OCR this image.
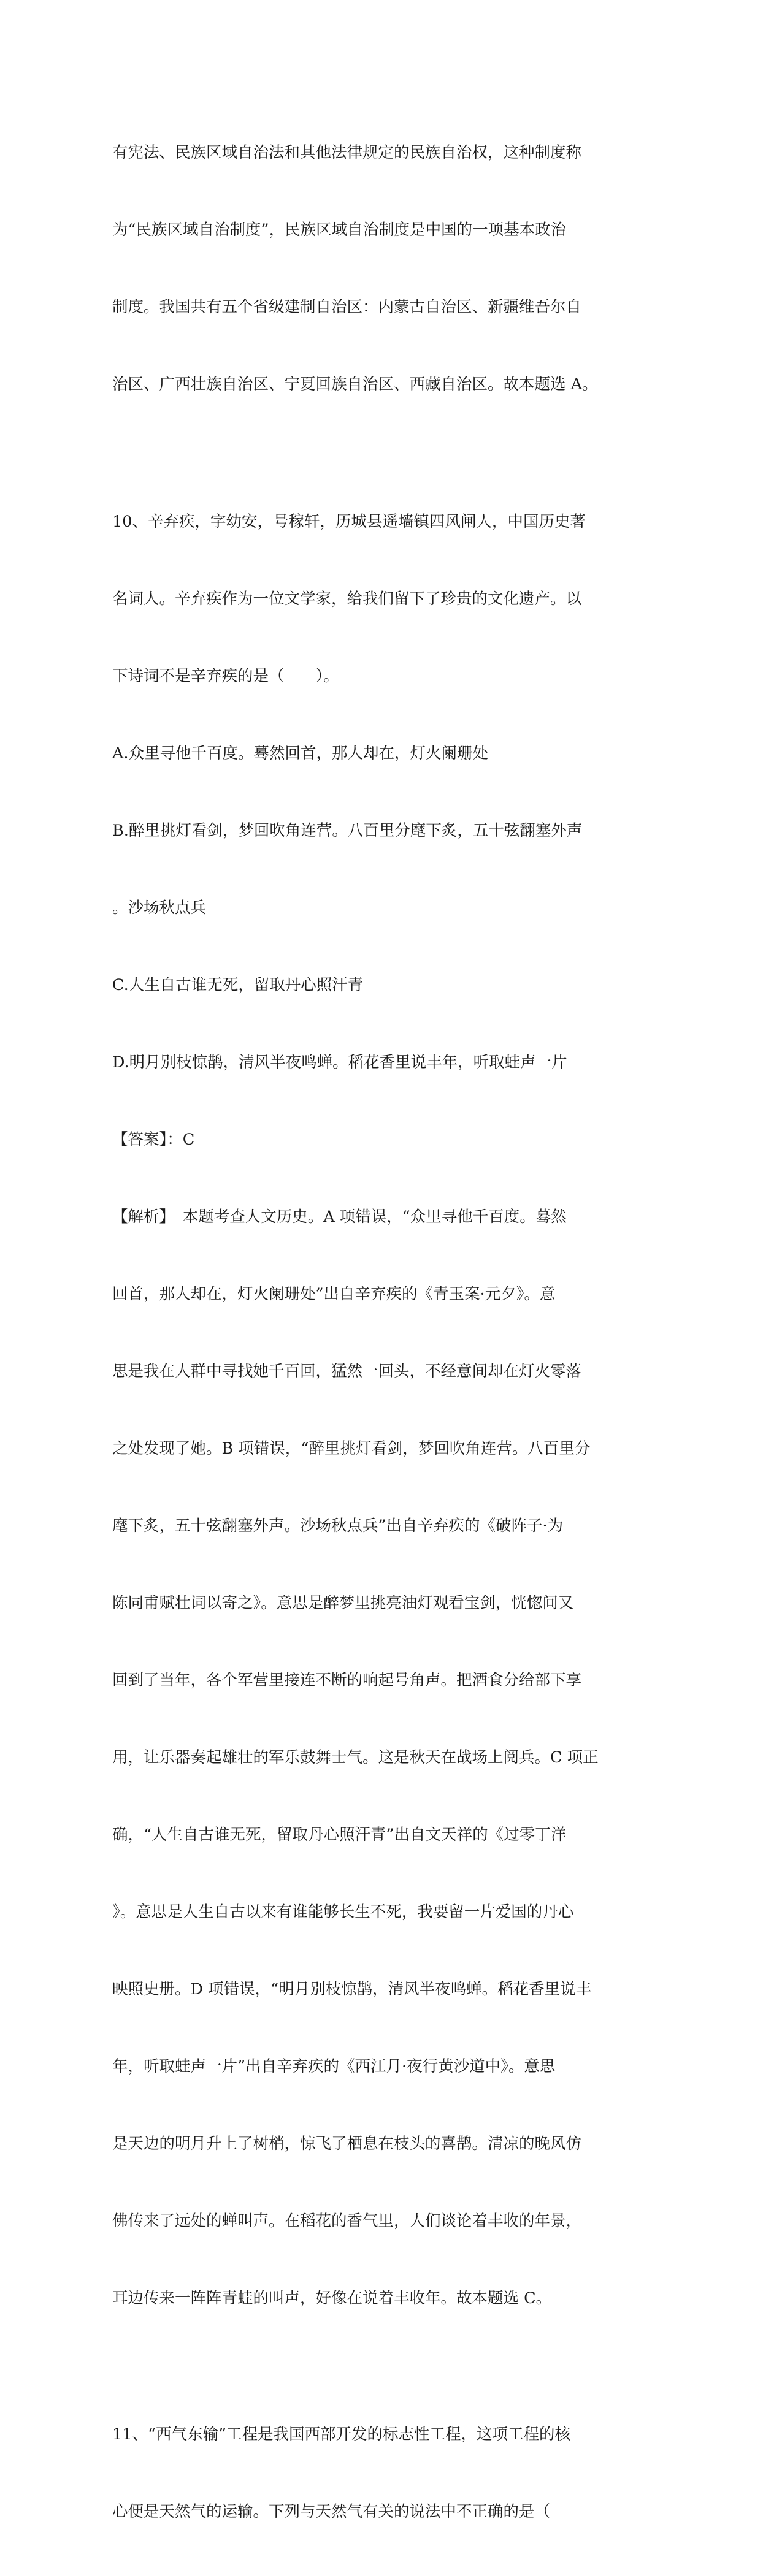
有宪法、民族区域自治法和其他法律规定的民族自治权，这种制度称

为“民族区域自治制度”，民族区域自治制度是中国的一项基本政治

制度。我国共有五个省级建制自治区：内蒙古自治区、新疆维吾尔自

治区、广西壮族自治区、宁夏回族自治区、西藏自治区。故本题选 A。

10、辛弃疾，字幼安，号稼轩，历城县遥墙镇四风闸人，中国历史著

名词人。辛弃疾作为一位文学家，给我们留下了珍贵的文化遗产。以

下诗词不是辛弃疾的是（　　）。

A.众里寻他千百度。蓦然回首，那人却在，灯火阑珊处

B.醉里挑灯看剑，梦回吹角连营。八百里分麾下炙，五十弦翻塞外声

。沙场秋点兵

C.人生自古谁无死，留取丹心照汗青

D.明月别枝惊鹊，清风半夜鸣蝉。稻花香里说丰年，听取蛙声一片

【答案】：C

【解析】　本题考查人文历史。A 项错误，“众里寻他千百度。蓦然

回首，那人却在，灯火阑珊处”出自辛弃疾的《青玉案·元夕》。意

思是我在人群中寻找她千百回，猛然一回头，不经意间却在灯火零落

之处发现了她。B 项错误，“醉里挑灯看剑，梦回吹角连营。八百里分

麾下炙，五十弦翻塞外声。沙场秋点兵”出自辛弃疾的《破阵子·为

陈同甫赋壮词以寄之》。意思是醉梦里挑亮油灯观看宝剑，恍惚间又

回到了当年，各个军营里接连不断的响起号角声。把酒食分给部下享

用，让乐器奏起雄壮的军乐鼓舞士气。这是秋天在战场上阅兵。C 项正

确，“人生自古谁无死，留取丹心照汗青”出自文天祥的《过零丁洋

》。意思是人生自古以来有谁能够长生不死，我要留一片爱国的丹心

映照史册。D 项错误，“明月别枝惊鹊，清风半夜鸣蝉。稻花香里说丰

年，听取蛙声一片”出自辛弃疾的《西江月·夜行黄沙道中》。意思

是天边的明月升上了树梢，惊飞了栖息在枝头的喜鹊。清凉的晚风仿

佛传来了远处的蝉叫声。在稻花的香气里，人们谈论着丰收的年景，

耳边传来一阵阵青蛙的叫声，好像在说着丰收年。故本题选 C。

11、“西气东输”工程是我国西部开发的标志性工程，这项工程的核

心便是天然气的运输。下列与天然气有关的说法中不正确的是（
